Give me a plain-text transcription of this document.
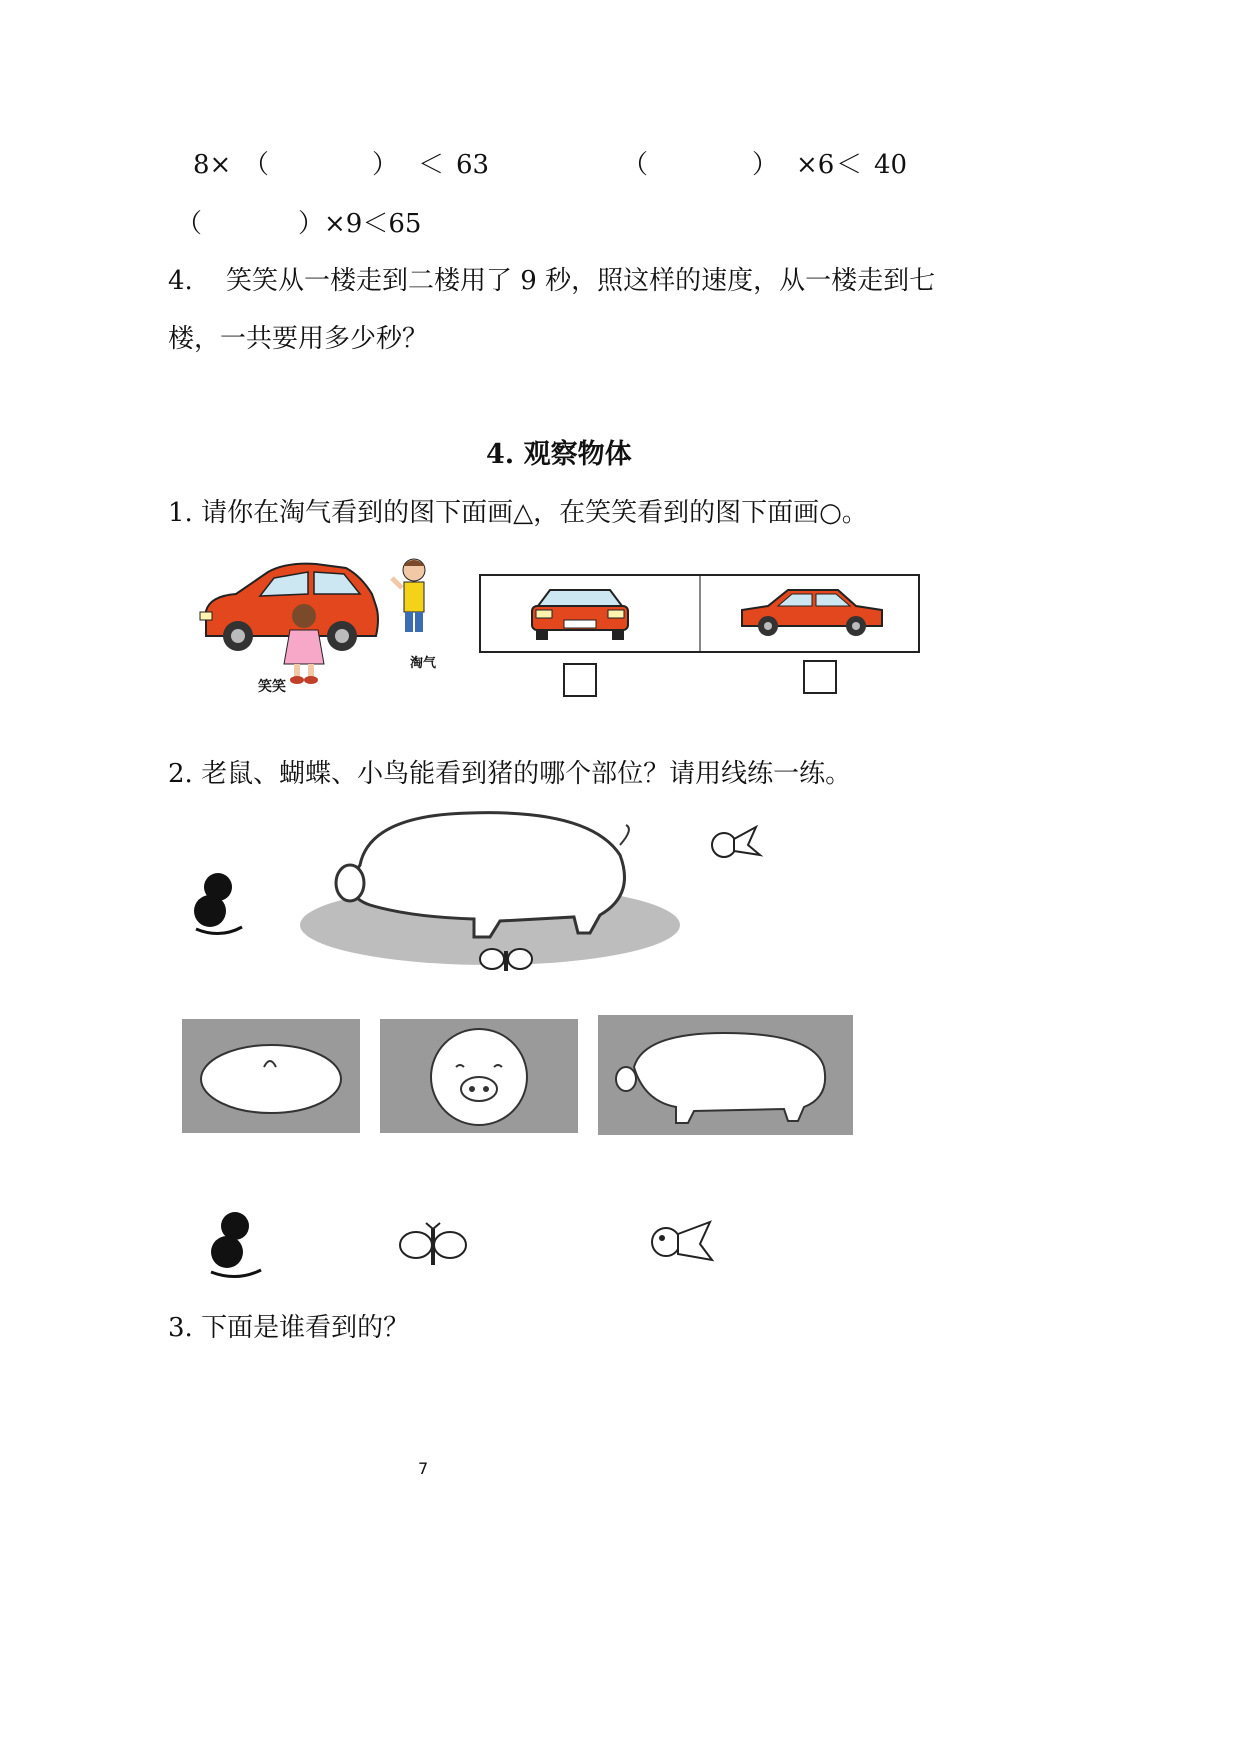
8× （	） ＜ 63	（	） ×6 ＜ 40
（	）×9＜65
4. 笑笑从一楼走到二楼用了 9 秒，照这样的速度，从一楼走到七
楼，一共要用多少秒？
4. 观察物体
1. 请你在淘气看到的图下面画△，在笑笑看到的图下面画○。
笑笑
淘气
2. 老鼠、蝴蝶、小鸟能看到猪的哪个部位？请用线练一练。
3. 下面是谁看到的？
7
